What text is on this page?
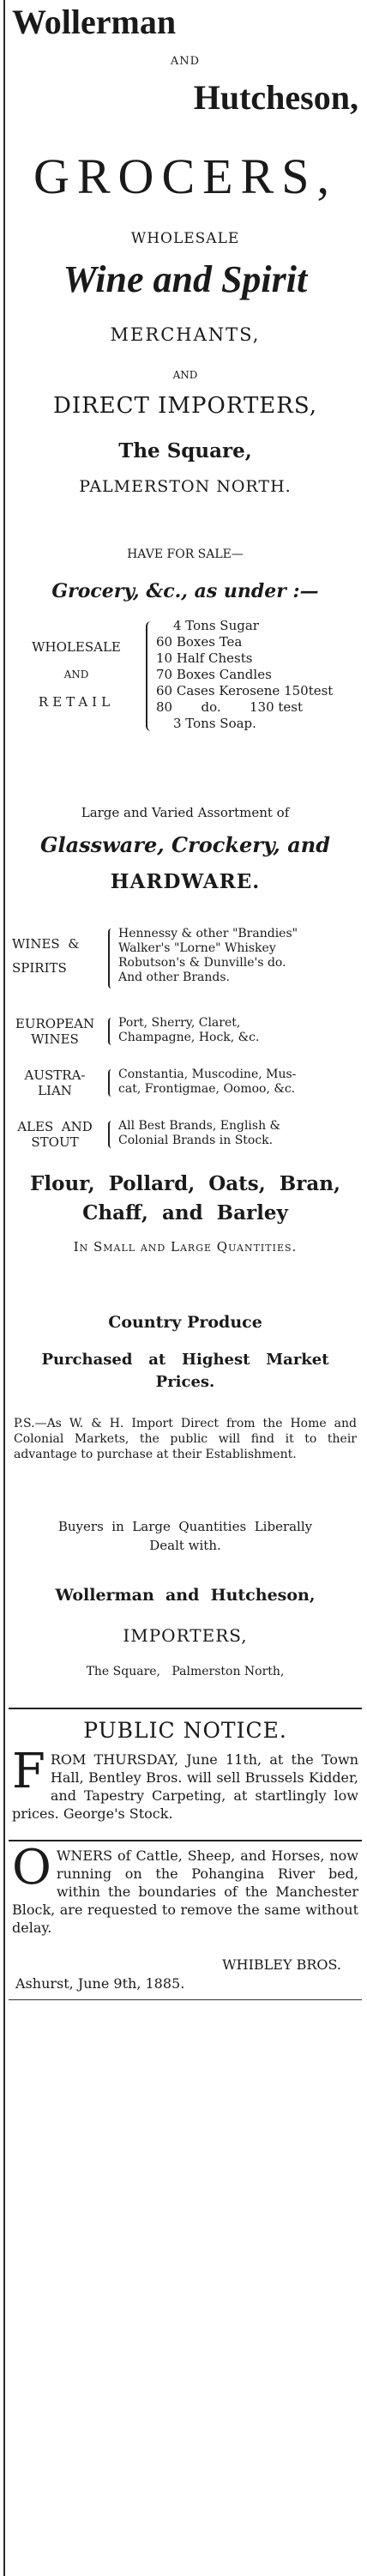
Wollerman
AND
Hutcheson,
GROCERS,
WHOLESALE
Wine and Spirit
MERCHANTS,
AND
DIRECT IMPORTERS,
The Square,
PALMERSTON NORTH.
HAVE FOR SALE—
Grocery, &c., as under :—
WHOLESALE
AND
RETAIL
4 Tons Sugar
60 Boxes Tea
10 Half Chests
70 Boxes Candles
60 Cases Kerosene 150test
80       do.       130 test
3 Tons Soap.
Large and Varied Assortment of
Glassware, Crockery, and
HARDWARE.
WINES  &
SPIRITS
Hennessy & other "Brandies"
Walker's "Lorne" Whiskey
Robutson's & Dunville's do.
And other Brands.
EUROPEAN
WINES
Port, Sherry, Claret,
Champagne, Hock, &c.
AUSTRA-
LIAN
Constantia, Muscodine, Mus-
cat, Frontigmae, Oomoo, &c.
ALES  AND
STOUT
All Best Brands, English &
Colonial Brands in Stock.
Flour,  Pollard,  Oats,  Bran,
Chaff,  and  Barley
In Small and Large Quantities.
Country Produce
Purchased   at   Highest   Market
Prices.
P.S.—As W. & H. Import Direct from the Home and Colonial Markets, the public will find it to their advantage to purchase at their Establishment.
Buyers  in  Large  Quantities  Liberally
Dealt with.
Wollerman  and  Hutcheson,
IMPORTERS,
The Square,   Palmerston North,
PUBLIC NOTICE.
F ROM THURSDAY, June 11th, at the Town Hall, Bentley Bros. will sell Brussels Kidder, and Tapestry Carpeting, at startlingly low prices. George's Stock.
O WNERS of Cattle, Sheep, and Horses, now running on the Pohangina River bed, within the boundaries of the Manchester Block, are requested to remove the same without delay.
WHIBLEY BROS.
Ashurst, June 9th, 1885.
